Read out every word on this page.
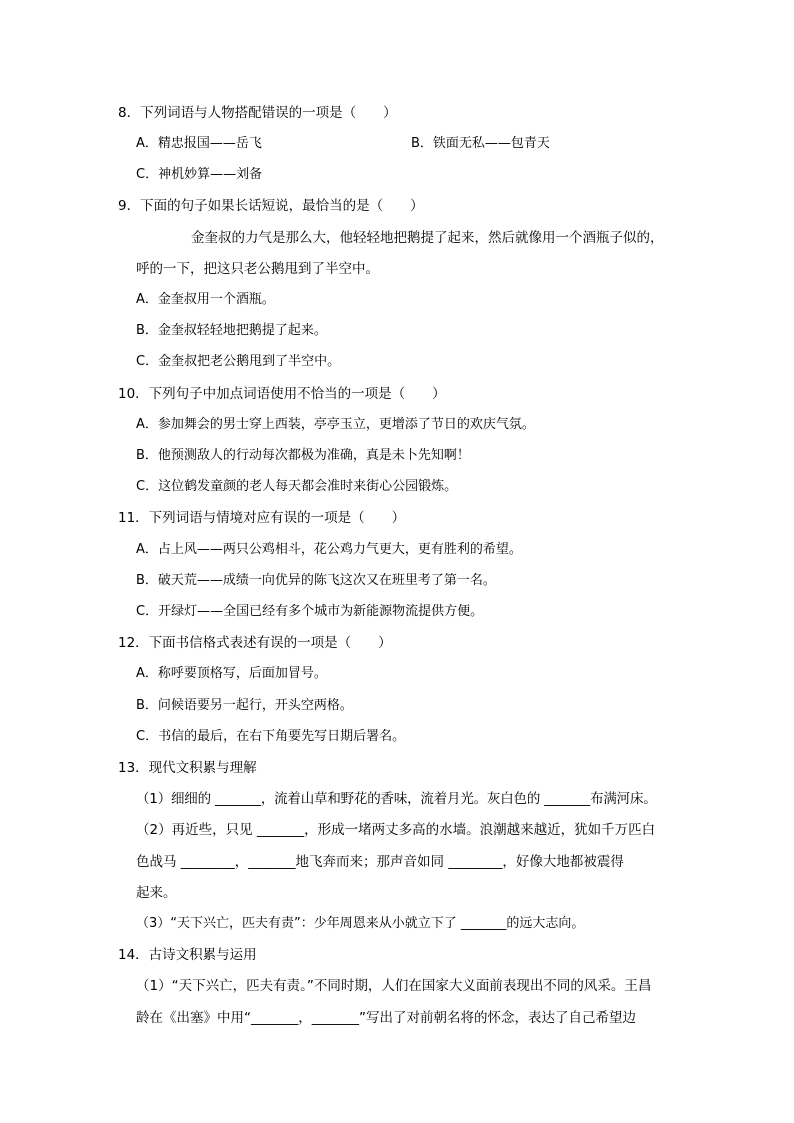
8．下列词语与人物搭配错误的一项是（　　）
A．精忠报国——岳飞	B．铁面无私——包青天
C．神机妙算——刘备
9．下面的句子如果长话短说，最恰当的是（　　）
金奎叔的力气是那么大，他轻轻地把鹅提了起来，然后就像用一个酒瓶子似的，
呼的一下，把这只老公鹅甩到了半空中。
A．金奎叔用一个酒瓶。
B．金奎叔轻轻地把鹅提了起来。
C．金奎叔把老公鹅甩到了半空中。
10．下列句子中加点词语使用不恰当的一项是（　　）
A．参加舞会的男士穿上西装，亭亭玉立，更增添了节日的欢庆气氛。
B．他预测敌人的行动每次都极为准确，真是未卜先知啊！
C．这位鹤发童颜的老人每天都会准时来街心公园锻炼。
11．下列词语与情境对应有误的一项是（　　）
A．占上风——两只公鸡相斗，花公鸡力气更大，更有胜利的希望。
B．破天荒——成绩一向优异的陈飞这次又在班里考了第一名。
C．开绿灯——全国已经有多个城市为新能源物流提供方便。
12．下面书信格式表述有误的一项是（　　）
A．称呼要顶格写，后面加冒号。
B．问候语要另一起行，开头空两格。
C．书信的最后，在右下角要先写日期后署名。
13．现代文积累与理解
（1）细细的 _______，流着山草和野花的香味，流着月光。灰白色的 _______布满河床。
（2）再近些，只见 _______，形成一堵两丈多高的水墙。浪潮越来越近，犹如千万匹白
色战马 ________，_______地飞奔而来；那声音如同 ________，好像大地都被震得
起来。
（3）“天下兴亡，匹夫有责”：少年周恩来从小就立下了 _______的远大志向。
14．古诗文积累与运用
（1）“天下兴亡，匹夫有责。”不同时期，人们在国家大义面前表现出不同的风采。王昌
龄在《出塞》中用“_______，_______”写出了对前朝名将的怀念，表达了自己希望边
